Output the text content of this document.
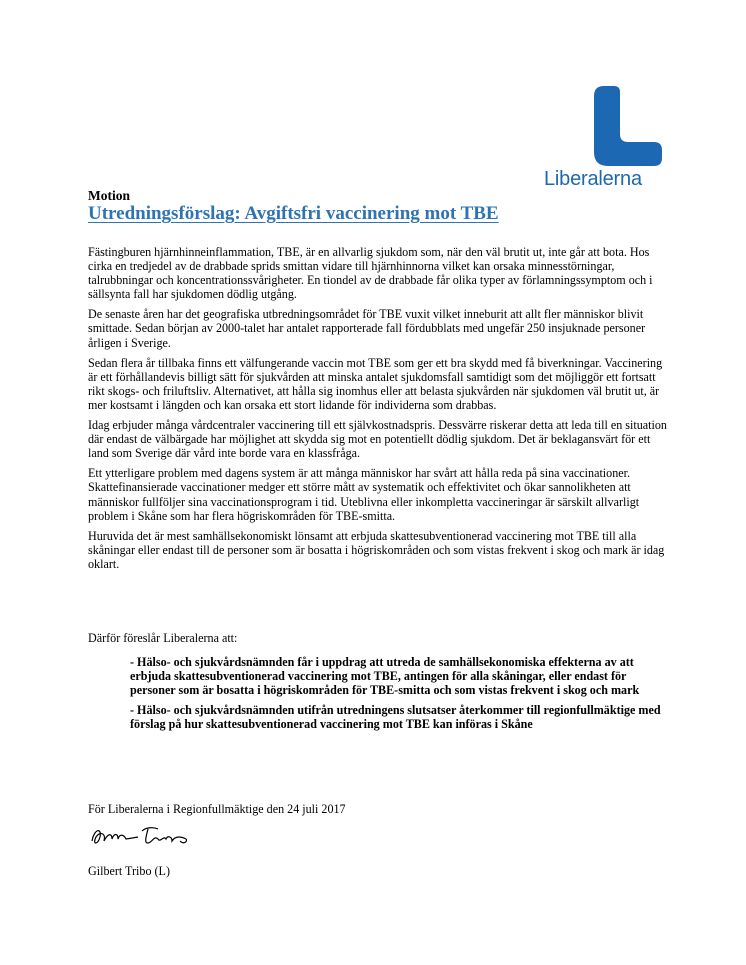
Liberalerna
Motion
Utredningsförslag: Avgiftsfri vaccinering mot TBE

Fästingburen hjärnhinneinflammation, TBE, är en allvarlig sjukdom som, när den väl brutit ut, inte går att bota. Hos cirka en tredjedel av de drabbade sprids smittan vidare till hjärnhinnorna vilket kan orsaka minnesstörningar, talrubbningar och koncentrationssvårigheter. En tiondel av de drabbade får olika typer av förlamningssymptom och i sällsynta fall har sjukdomen dödlig utgång.

De senaste åren har det geografiska utbredningsområdet för TBE vuxit vilket inneburit att allt fler människor blivit smittade. Sedan början av 2000-talet har antalet rapporterade fall fördubblats med ungefär 250 insjuknade personer årligen i Sverige.

Sedan flera år tillbaka finns ett välfungerande vaccin mot TBE som ger ett bra skydd med få biverkningar. Vaccinering är ett förhållandevis billigt sätt för sjukvården att minska antalet sjukdomsfall samtidigt som det möjliggör ett fortsatt rikt skogs- och friluftsliv. Alternativet, att hålla sig inomhus eller att belasta sjukvården när sjukdomen väl brutit ut, är mer kostsamt i längden och kan orsaka ett stort lidande för individerna som drabbas.

Idag erbjuder många vårdcentraler vaccinering till ett självkostnadspris. Dessvärre riskerar detta att leda till en situation där endast de välbärgade har möjlighet att skydda sig mot en potentiellt dödlig sjukdom. Det är beklagansvärt för ett land som Sverige där vård inte borde vara en klassfråga.

Ett ytterligare problem med dagens system är att många människor har svårt att hålla reda på sina vaccinationer. Skattefinansierade vaccinationer medger ett större mått av systematik och effektivitet och ökar sannolikheten att människor fullföljer sina vaccinationsprogram i tid. Uteblivna eller inkompletta vaccineringar är särskilt allvarligt problem i Skåne som har flera högriskområden för TBE-smitta.

Huruvida det är mest samhällsekonomiskt lönsamt att erbjuda skattesubventionerad vaccinering mot TBE till alla skåningar eller endast till de personer som är bosatta i högriskområden och som vistas frekvent i skog och mark är idag oklart.

Därför föreslår Liberalerna att:

- Hälso- och sjukvårdsnämnden får i uppdrag att utreda de samhällsekonomiska effekterna av att erbjuda skattesubventionerad vaccinering mot TBE, antingen för alla skåningar, eller endast för personer som är bosatta i högriskområden för TBE-smitta och som vistas frekvent i skog och mark

- Hälso- och sjukvårdsnämnden utifrån utredningens slutsatser återkommer till regionfullmäktige med förslag på hur skattesubventionerad vaccinering mot TBE kan införas i Skåne

För Liberalerna i Regionfullmäktige den 24 juli 2017
Gilbert Tribo (L)
